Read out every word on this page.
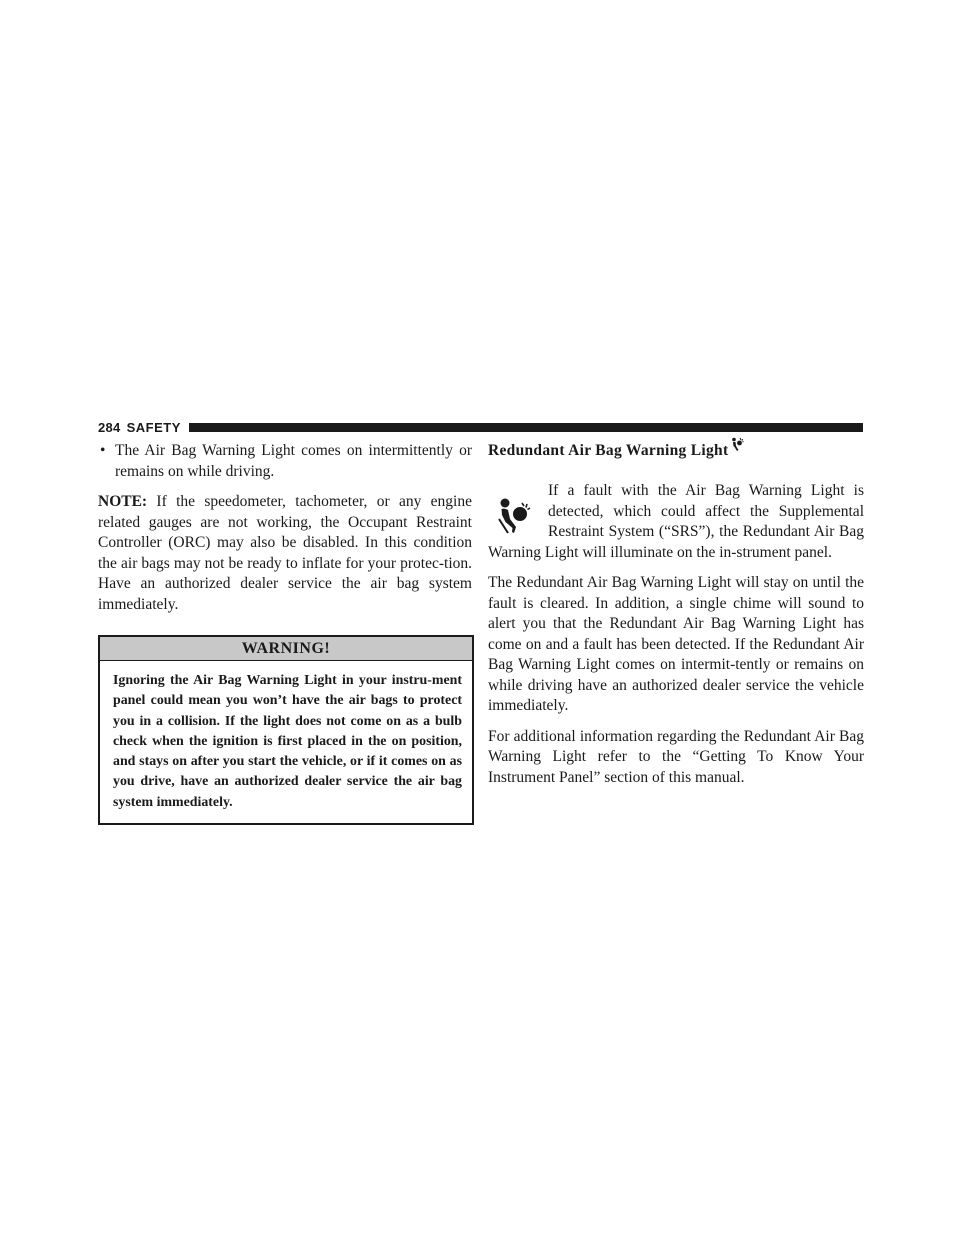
284 SAFETY
• The Air Bag Warning Light comes on intermittently or remains on while driving.

NOTE: If the speedometer, tachometer, or any engine related gauges are not working, the Occupant Restraint Controller (ORC) may also be disabled. In this condition the air bags may not be ready to inflate for your protec-tion. Have an authorized dealer service the air bag system immediately.

WARNING!
Ignoring the Air Bag Warning Light in your instru-ment panel could mean you won’t have the air bags to protect you in a collision. If the light does not come on as a bulb check when the ignition is first placed in the on position, and stays on after you start the vehicle, or if it comes on as you drive, have an authorized dealer service the air bag system immediately.
Redundant Air Bag Warning Light

If a fault with the Air Bag Warning Light is detected, which could affect the Supplemental Restraint System (“SRS”), the Redundant Air Bag Warning Light will illuminate on the in-strument panel.

The Redundant Air Bag Warning Light will stay on until the fault is cleared. In addition, a single chime will sound to alert you that the Redundant Air Bag Warning Light has come on and a fault has been detected. If the Redundant Air Bag Warning Light comes on intermit-tently or remains on while driving have an authorized dealer service the vehicle immediately.

For additional information regarding the Redundant Air Bag Warning Light refer to the “Getting To Know Your Instrument Panel” section of this manual.
